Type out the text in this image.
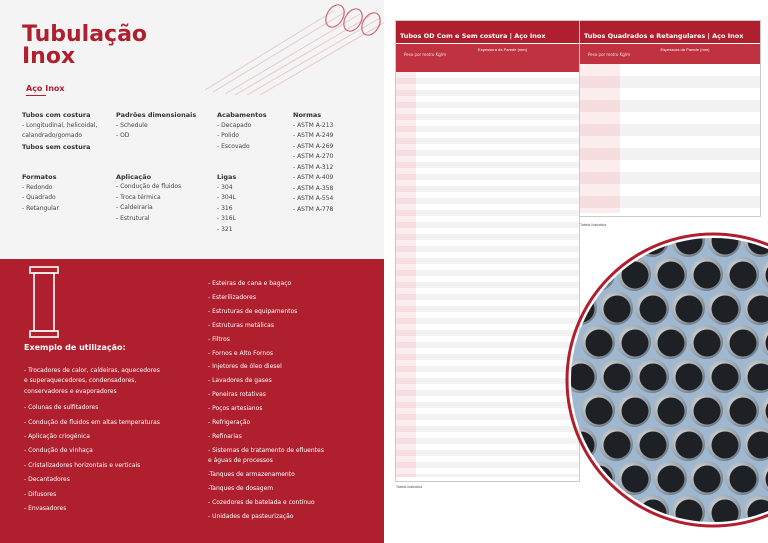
Tubulação
Inox
Aço Inox
Tubos com costura
- Longitudinal, helicoidal,
calandrado/gomado
Tubos sem costura
Formatos
- Redondo
- Quadrado
- Retangular
Padrões dimensionais
- Schedule
- OD
Aplicação
- Condução de fluidos
- Troca térmica
- Caldeiraria
- Estrutural
Acabamentos
- Decapado
- Polido
- Escovado
Ligas
- 304
- 304L
- 316
- 316L
- 321
Normas
- ASTM A-213
- ASTM A-249
- ASTM A-269
- ASTM A-270
- ASTM A-312
- ASTM A-409
- ASTM A-358
- ASTM A-554
- ASTM A-778
Exemplo de utilização:
- Trocadores de calor, caldeiras, aquecedores
e superaquecedores, condensadores,
conservadores e evaporadores
- Colunas de sulfitadores
- Condução de fluidos em altas temperaturas
- Aplicação criogênica
- Condução de vinhaça
- Cristalizadores horizontais e verticais
- Decantadores
- Difusores
- Envasadores
- Esteiras de cana e bagaço
- Esterilizadores
- Estruturas de equipamentos
- Estruturas metálicas
- Filtros
- Fornos e Alto Fornos
- Injetores de óleo diesel
- Lavadores de gases
- Peneiras rotativas
- Poços artesianos
- Refrigeração
- Refinarias
- Sistemas de tratamento de efluentes
e águas de processos
-Tanques de armazenamento
-Tanques de dosagem
- Cozedores de batelada e contínuo
- Unidades de pasteurização
Tubos OD Com e Sem costura | Aço Inox Peso por metro Kg/m
Espessura da Parede (mm)
Tabela ilustrativa
Tubos Quadrados e Retangulares | Aço Inox Peso por metro Kg/m
Espessura da Parede (mm)
Tabela ilustrativa
